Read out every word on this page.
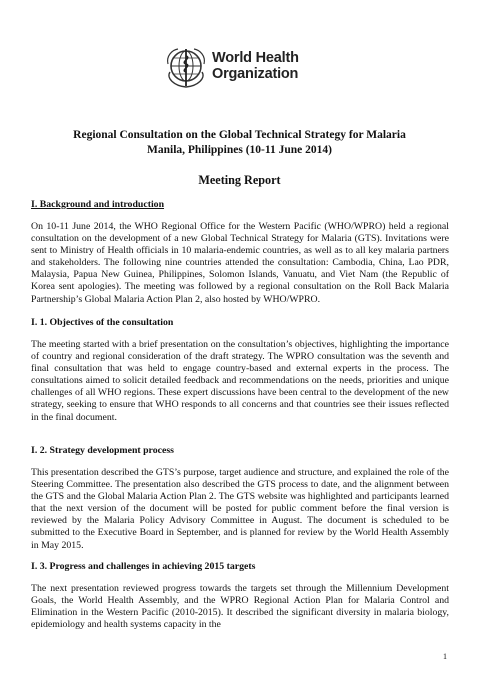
World Health
Organization
Regional Consultation on the Global Technical Strategy for Malaria
Manila, Philippines (10-11 June 2014)
Meeting Report
I. Background and introduction
On 10-11 June 2014, the WHO Regional Office for the Western Pacific (WHO/WPRO) held a regional consultation on the development of a new Global Technical Strategy for Malaria (GTS). Invitations were sent to Ministry of Health officials in 10 malaria-endemic countries, as well as to all key malaria partners and stakeholders. The following nine countries attended the consultation: Cambodia, China, Lao PDR, Malaysia, Papua New Guinea, Philippines, Solomon Islands, Vanuatu, and Viet Nam (the Republic of Korea sent apologies). The meeting was followed by a regional consultation on the Roll Back Malaria Partnership’s Global Malaria Action Plan 2, also hosted by WHO/WPRO.
I. 1. Objectives of the consultation
The meeting started with a brief presentation on the consultation’s objectives, highlighting the importance of country and regional consideration of the draft strategy. The WPRO consultation was the seventh and final consultation that was held to engage country-based and external experts in the process. The consultations aimed to solicit detailed feedback and recommendations on the needs, priorities and unique challenges of all WHO regions. These expert discussions have been central to the development of the new strategy, seeking to ensure that WHO responds to all concerns and that countries see their issues reflected in the final document.
I. 2. Strategy development process
This presentation described the GTS’s purpose, target audience and structure, and explained the role of the Steering Committee. The presentation also described the GTS process to date, and the alignment between the GTS and the Global Malaria Action Plan 2. The GTS website was highlighted and participants learned that the next version of the document will be posted for public comment before the final version is reviewed by the Malaria Policy Advisory Committee in August. The document is scheduled to be submitted to the Executive Board in September, and is planned for review by the World Health Assembly in May 2015.
I. 3. Progress and challenges in achieving 2015 targets
The next presentation reviewed progress towards the targets set through the Millennium Development Goals, the World Health Assembly, and the WPRO Regional Action Plan for Malaria Control and Elimination in the Western Pacific (2010-2015). It described the significant diversity in malaria biology, epidemiology and health systems capacity in the
1
